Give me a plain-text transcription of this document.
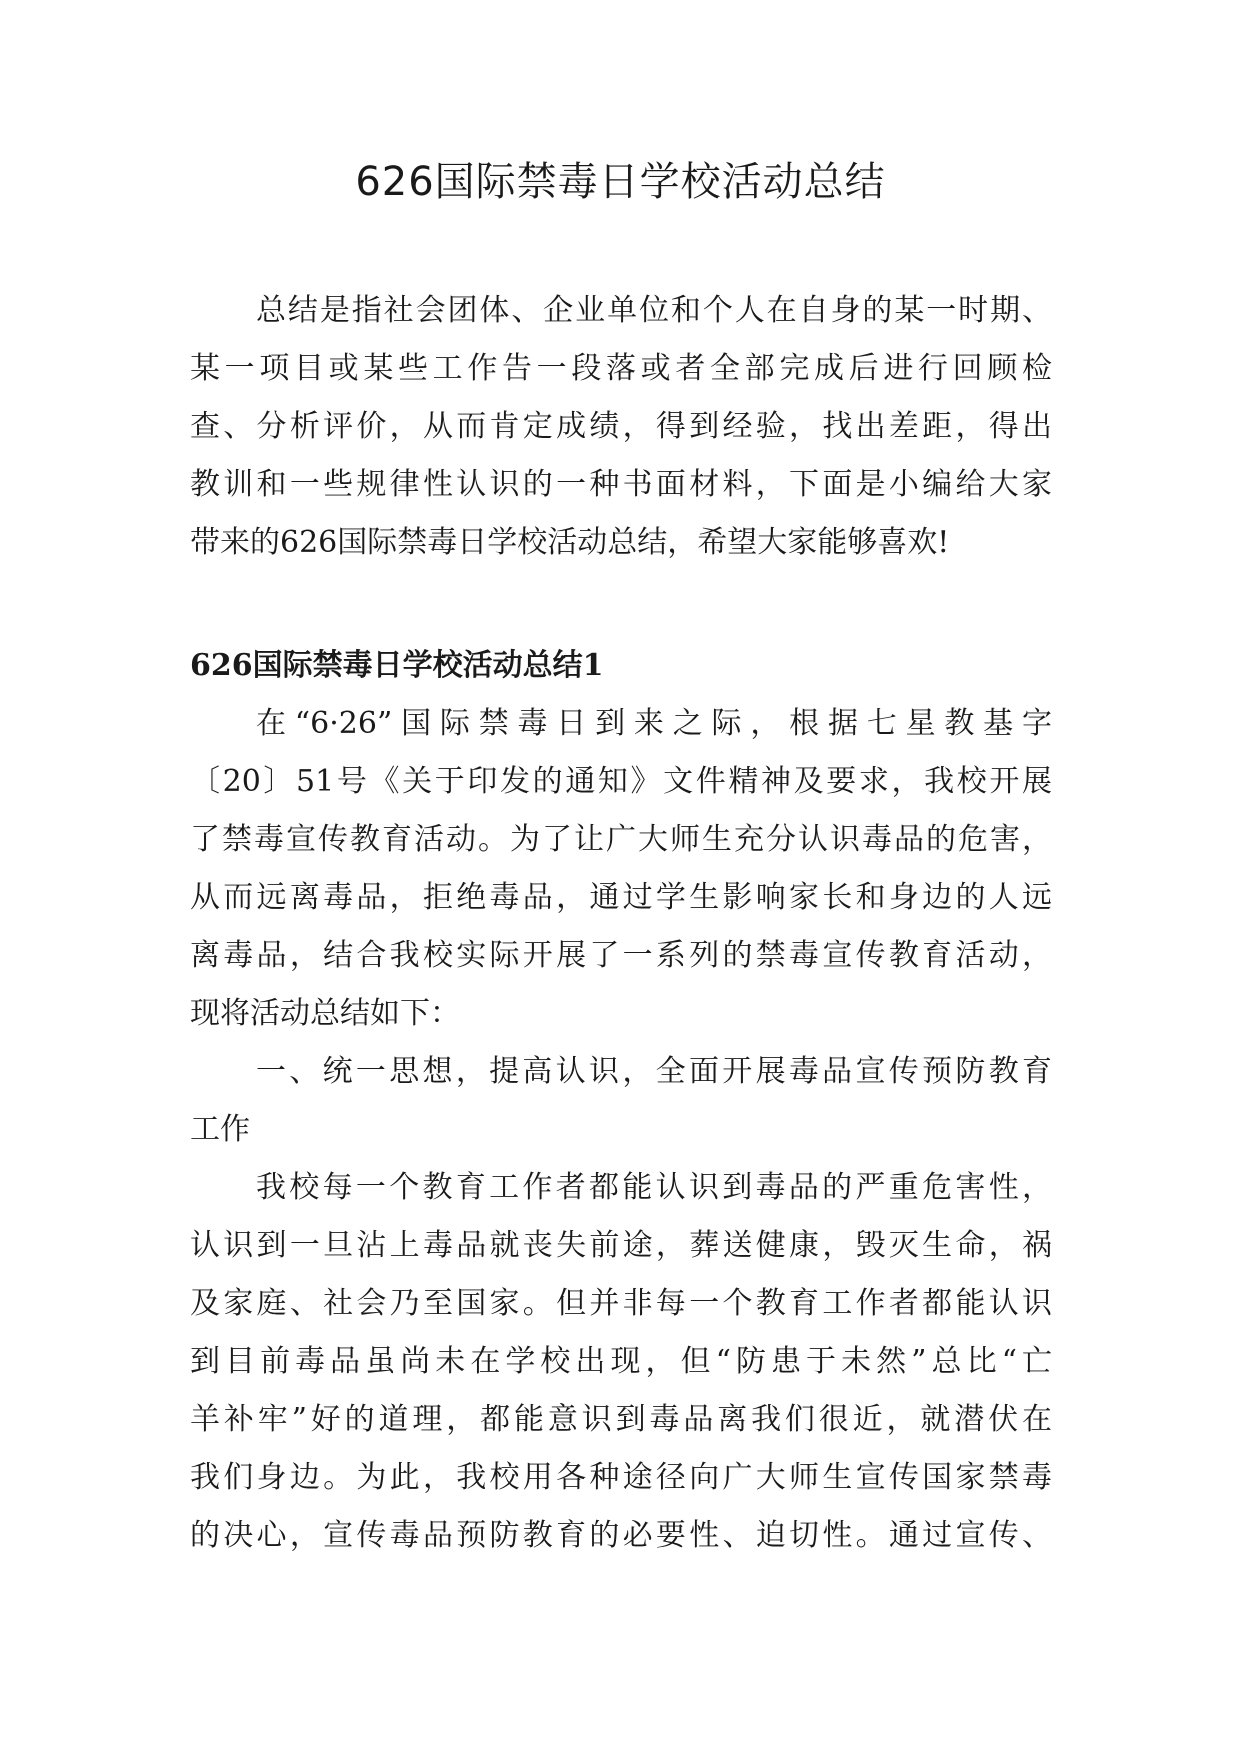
626国际禁毒日学校活动总结
总结是指社会团体、企业单位和个人在自身的某一时期、
某一项目或某些工作告一段落或者全部完成后进行回顾检
查、分析评价，从而肯定成绩，得到经验，找出差距，得出
教训和一些规律性认识的一种书面材料，下面是小编给大家
带来的626国际禁毒日学校活动总结，希望大家能够喜欢!
626国际禁毒日学校活动总结1
在“6·26”国际禁毒日到来之际，根据七星教基字
〔20〕51号《关于印发的通知》文件精神及要求，我校开展
了禁毒宣传教育活动。为了让广大师生充分认识毒品的危害，
从而远离毒品，拒绝毒品，通过学生影响家长和身边的人远
离毒品，结合我校实际开展了一系列的禁毒宣传教育活动，
现将活动总结如下：
一、统一思想，提高认识，全面开展毒品宣传预防教育
工作
我校每一个教育工作者都能认识到毒品的严重危害性，
认识到一旦沾上毒品就丧失前途，葬送健康，毁灭生命，祸
及家庭、社会乃至国家。但并非每一个教育工作者都能认识
到目前毒品虽尚未在学校出现，但“防患于未然”总比“亡
羊补牢”好的道理，都能意识到毒品离我们很近，就潜伏在
我们身边。为此，我校用各种途径向广大师生宣传国家禁毒
的决心，宣传毒品预防教育的必要性、迫切性。通过宣传、
